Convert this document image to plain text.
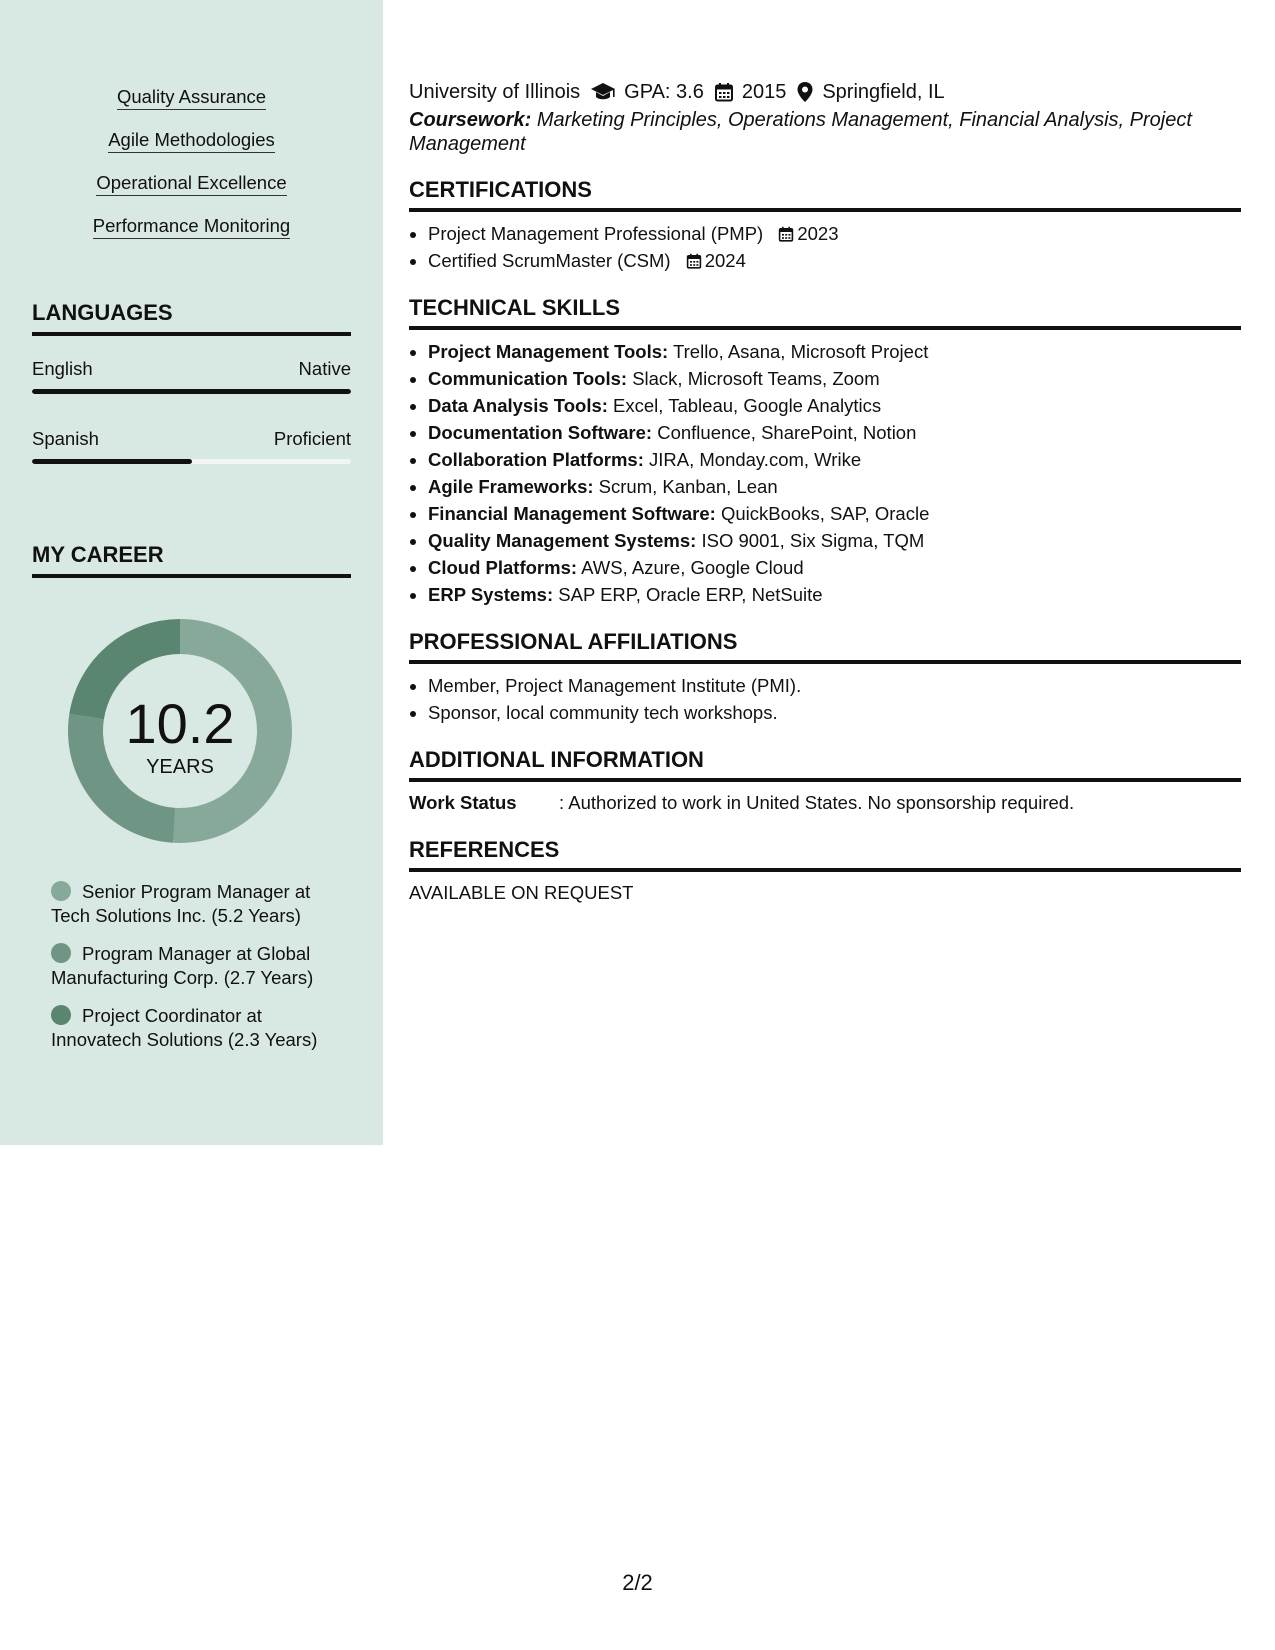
Quality Assurance
Agile Methodologies
Operational Excellence
Performance Monitoring
LANGUAGES
English	Native
Spanish	Proficient
MY CAREER
10.2
YEARS
Senior Program Manager at Tech Solutions Inc. (5.2 Years)
Program Manager at Global Manufacturing Corp. (2.7 Years)
Project Coordinator at Innovatech Solutions (2.3 Years)
University of Illinois GPA: 3.6 2015 Springfield, IL
Coursework: Marketing Principles, Operations Management, Financial Analysis, Project Management
CERTIFICATIONS
• Project Management Professional (PMP) 2023
• Certified ScrumMaster (CSM) 2024
TECHNICAL SKILLS
• Project Management Tools: Trello, Asana, Microsoft Project
• Communication Tools: Slack, Microsoft Teams, Zoom
• Data Analysis Tools: Excel, Tableau, Google Analytics
• Documentation Software: Confluence, SharePoint, Notion
• Collaboration Platforms: JIRA, Monday.com, Wrike
• Agile Frameworks: Scrum, Kanban, Lean
• Financial Management Software: QuickBooks, SAP, Oracle
• Quality Management Systems: ISO 9001, Six Sigma, TQM
• Cloud Platforms: AWS, Azure, Google Cloud
• ERP Systems: SAP ERP, Oracle ERP, NetSuite
PROFESSIONAL AFFILIATIONS
• Member, Project Management Institute (PMI).
• Sponsor, local community tech workshops.
ADDITIONAL INFORMATION
Work Status	: Authorized to work in United States. No sponsorship required.
REFERENCES
AVAILABLE ON REQUEST
2/2
